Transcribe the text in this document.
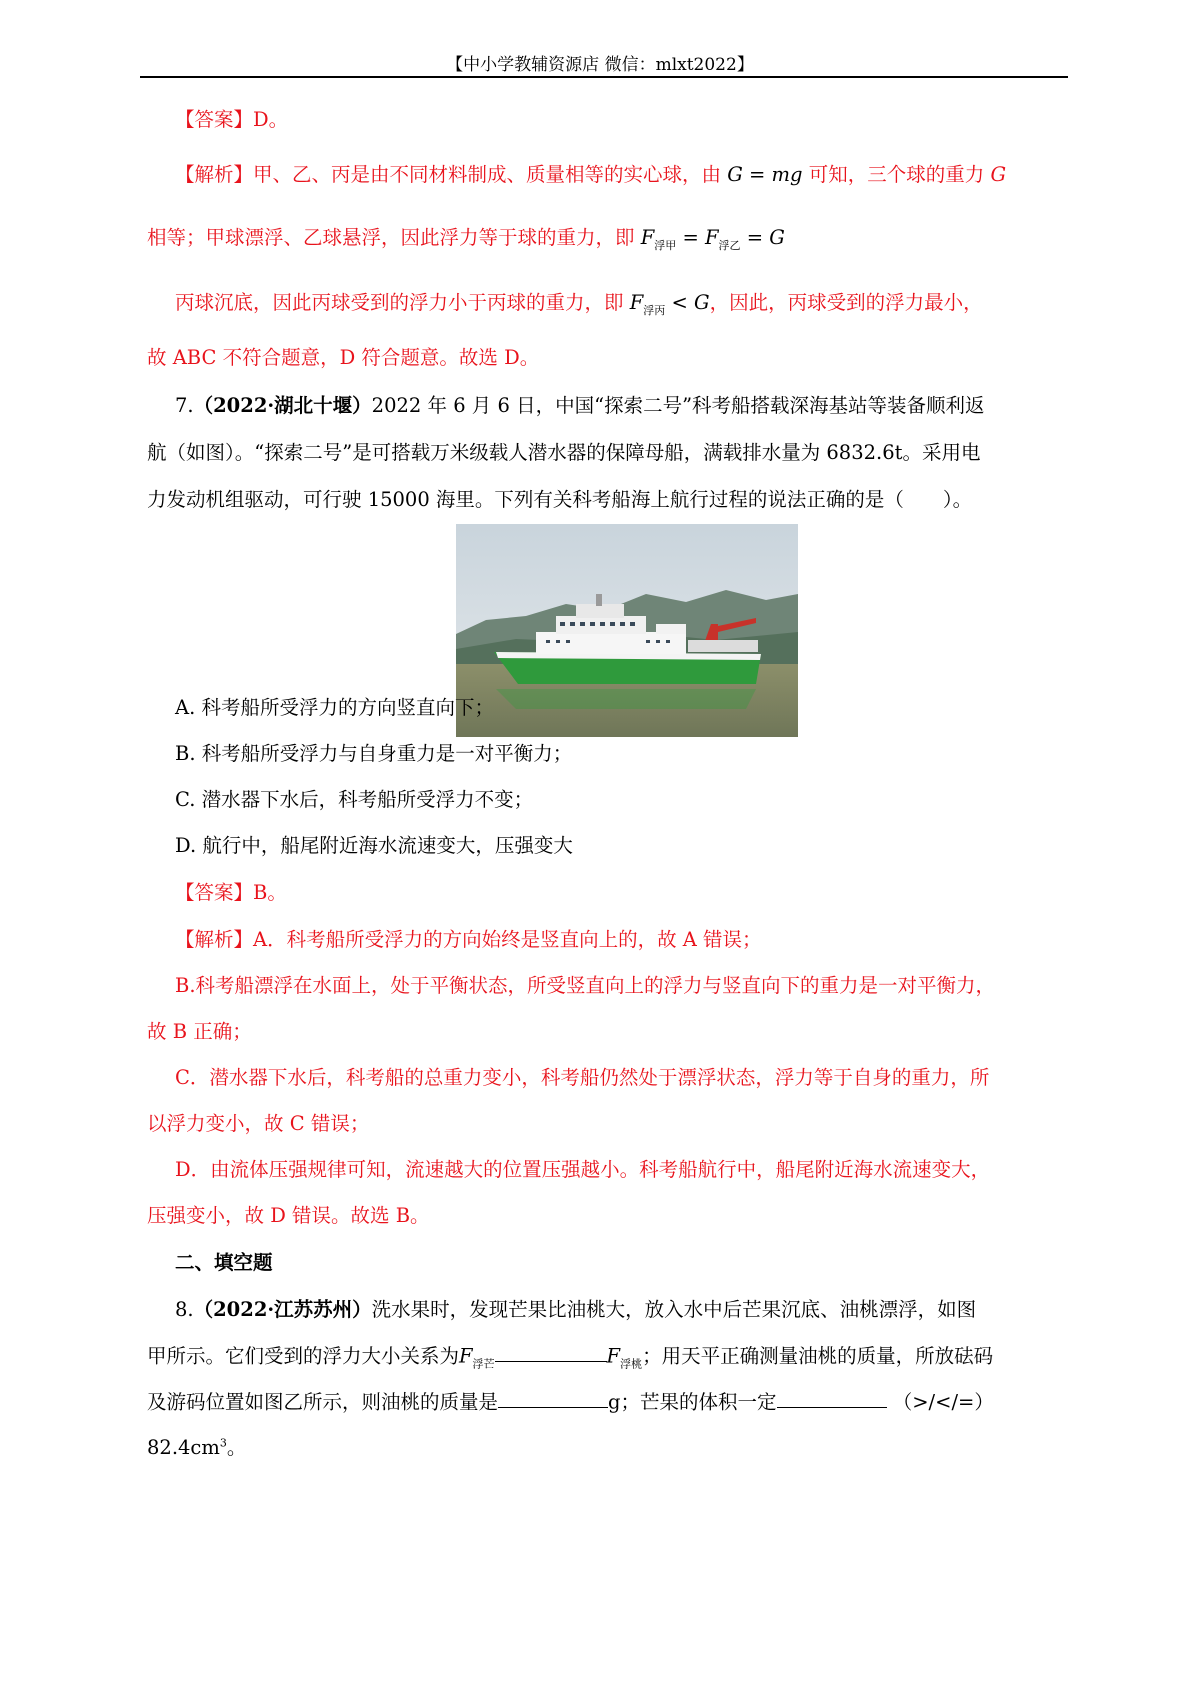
【中小学教辅资源店 微信：mlxt2022】
【答案】D。
【解析】甲、乙、丙是由不同材料制成、质量相等的实心球，由 G = mg 可知，三个球的重力 G
相等；甲球漂浮、乙球悬浮，因此浮力等于球的重力，即 $F_{浮甲} = F_{浮乙} = G$
丙球沉底，因此丙球受到的浮力小于丙球的重力，即 $F_{浮丙} < G$，因此，丙球受到的浮力最小，
故 ABC 不符合题意，D 符合题意。故选 D。
7.（2022·湖北十堰）2022 年 6 月 6 日，中国“探索二号”科考船搭载深海基站等装备顺利返
航（如图）。“探索二号”是可搭载万米级载人潜水器的保障母船，满载排水量为 6832.6t。采用电
力发动机组驱动，可行驶 15000 海里。下列有关科考船海上航行过程的说法正确的是（　　）。
A. 科考船所受浮力的方向竖直向下；
B. 科考船所受浮力与自身重力是一对平衡力；
C. 潜水器下水后，科考船所受浮力不变；
D. 航行中，船尾附近海水流速变大，压强变大
【答案】B。
【解析】A．科考船所受浮力的方向始终是竖直向上的，故 A 错误；
B.科考船漂浮在水面上，处于平衡状态，所受竖直向上的浮力与竖直向下的重力是一对平衡力，
故 B 正确；
C．潜水器下水后，科考船的总重力变小，科考船仍然处于漂浮状态，浮力等于自身的重力，所
以浮力变小，故 C 错误；
D．由流体压强规律可知，流速越大的位置压强越小。科考船航行中，船尾附近海水流速变大，
压强变小，故 D 错误。故选 B。
二、填空题
8.（2022·江苏苏州）洗水果时，发现芒果比油桃大，放入水中后芒果沉底、油桃漂浮，如图
甲所示。它们受到的浮力大小关系为$F_{浮芒}$	$F_{浮桃}$；用天平正确测量油桃的质量，所放砝码
及游码位置如图乙所示，则油桃的质量是	g；芒果的体积一定	（>/</=）
$82.4cm^3$。
